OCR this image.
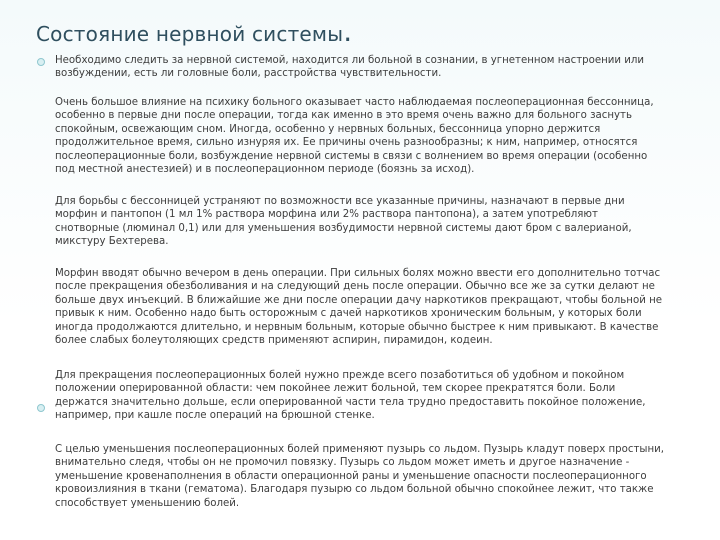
Состояние нервной системы.
Необходимо следить за нервной системой, находится ли больной в сознании, в угнетенном настроении или возбуждении, есть ли головные боли, расстройства чувствительности.
Очень большое влияние на психику больного оказывает часто наблюдаемая послеоперационная бессонница, особенно в первые дни после операции, тогда как именно в это время очень важно для больного заснуть спокойным, освежающим сном. Иногда, особенно у нервных больных, бессонница упорно держится продолжительное время, сильно изнуряя их. Ее причины очень разнообразны; к ним, например, относятся послеоперационные боли, возбуждение нервной системы в связи с волнением во время операции (особенно под местной анестезией) и в послеоперационном периоде (боязнь за исход).
Для борьбы с бессонницей устраняют по возможности все указанные причины, назначают в первые дни морфин и пантопон (1 мл 1% раствора морфина или 2% раствора пантопона), а затем употребляют снотворные (люминал 0,1) или для уменьшения возбудимости нервной системы дают бром с валерианой, микстуру Бехтерева.
Морфин вводят обычно вечером в день операции. При сильных болях можно ввести его дополнительно тотчас после прекращения обезболивания и на следующий день после операции. Обычно все же за сутки делают не больше двух инъекций. В ближайшие же дни после операции дачу наркотиков прекращают, чтобы больной не привык к ним. Особенно надо быть осторожным с дачей наркотиков хроническим больным, у которых боли иногда продолжаются длительно, и нервным больным, которые обычно быстрее к ним привыкают. В качестве более слабых болеутоляющих средств применяют аспирин, пирамидон, кодеин.
Для прекращения послеоперационных болей нужно прежде всего позаботиться об удобном и покойном положении оперированной области: чем покойнее лежит больной, тем скорее прекратятся боли. Боли держатся значительно дольше, если оперированной части тела трудно предоставить покойное положение, например, при кашле после операций на брюшной стенке.
С целью уменьшения послеоперационных болей применяют пузырь со льдом. Пузырь кладут поверх простыни, внимательно следя, чтобы он не промочил повязку. Пузырь со льдом может иметь и другое назначение - уменьшение кровенаполнения в области операционной раны и уменьшение опасности послеоперационного кровоизлияния в ткани (гематома). Благодаря пузырю со льдом больной обычно спокойнее лежит, что также способствует уменьшению болей.
